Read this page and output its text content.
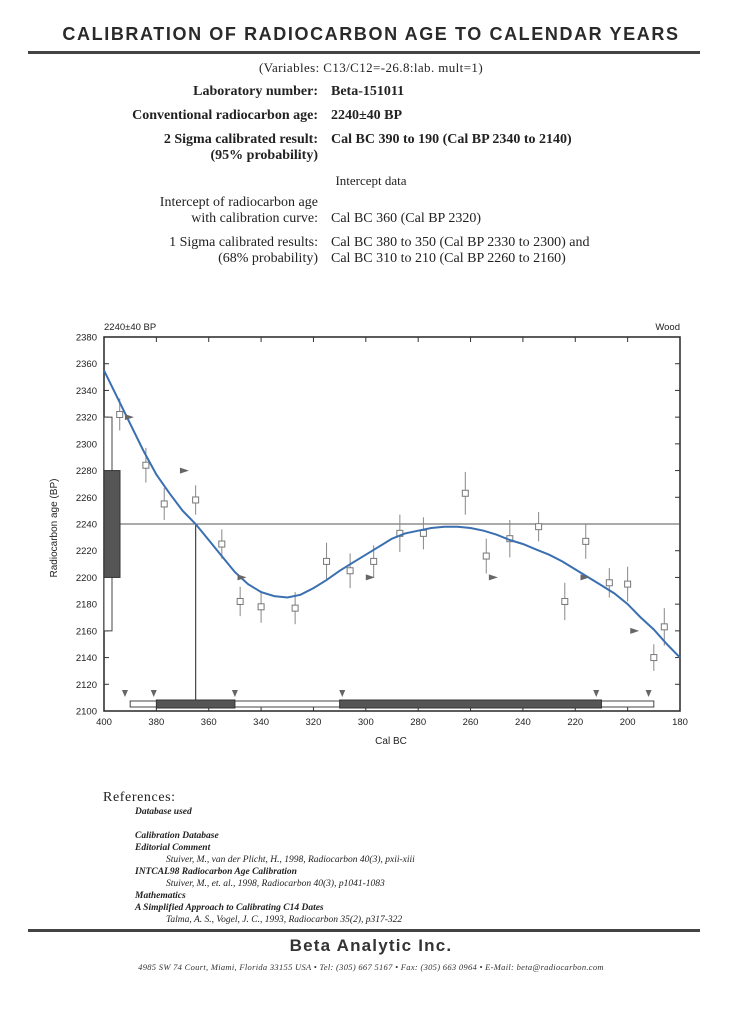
CALIBRATION OF RADIOCARBON AGE TO CALENDAR YEARS
(Variables: C13/C12=-26.8:lab. mult=1)
Laboratory number: Beta-151011
Conventional radiocarbon age: 2240±40 BP
2 Sigma calibrated result: Cal BC 390 to 190 (Cal BP 2340 to 2140)
(95% probability)
Intercept data
Intercept of radiocarbon age
with calibration curve: Cal BC 360 (Cal BP 2320)
1 Sigma calibrated results: Cal BC 380 to 350 (Cal BP 2330 to 2300) and
(68% probability) Cal BC 310 to 210 (Cal BP 2260 to 2160)
2100
2120
2140
2160
2180
2200
2220
2240
2260
2280
2300
2320
2340
2360
2380
400	380	360	340	320	300	280	260	240	220	200	180
2240±40 BP	Wood
Cal BC
Radiocarbon age (BP)
References:
Database used
Calibration Database
Editorial Comment
Stuiver, M., van der Plicht, H., 1998, Radiocarbon 40(3), pxii-xiii
INTCAL98 Radiocarbon Age Calibration
Stuiver, M., et. al., 1998, Radiocarbon 40(3), p1041-1083
Mathematics
A Simplified Approach to Calibrating C14 Dates
Talma, A. S., Vogel, J. C., 1993, Radiocarbon 35(2), p317-322
Beta Analytic Inc.
4985 SW 74 Court, Miami, Florida 33155 USA • Tel: (305) 667 5167 • Fax: (305) 663 0964 • E-Mail: beta@radiocarbon.com
